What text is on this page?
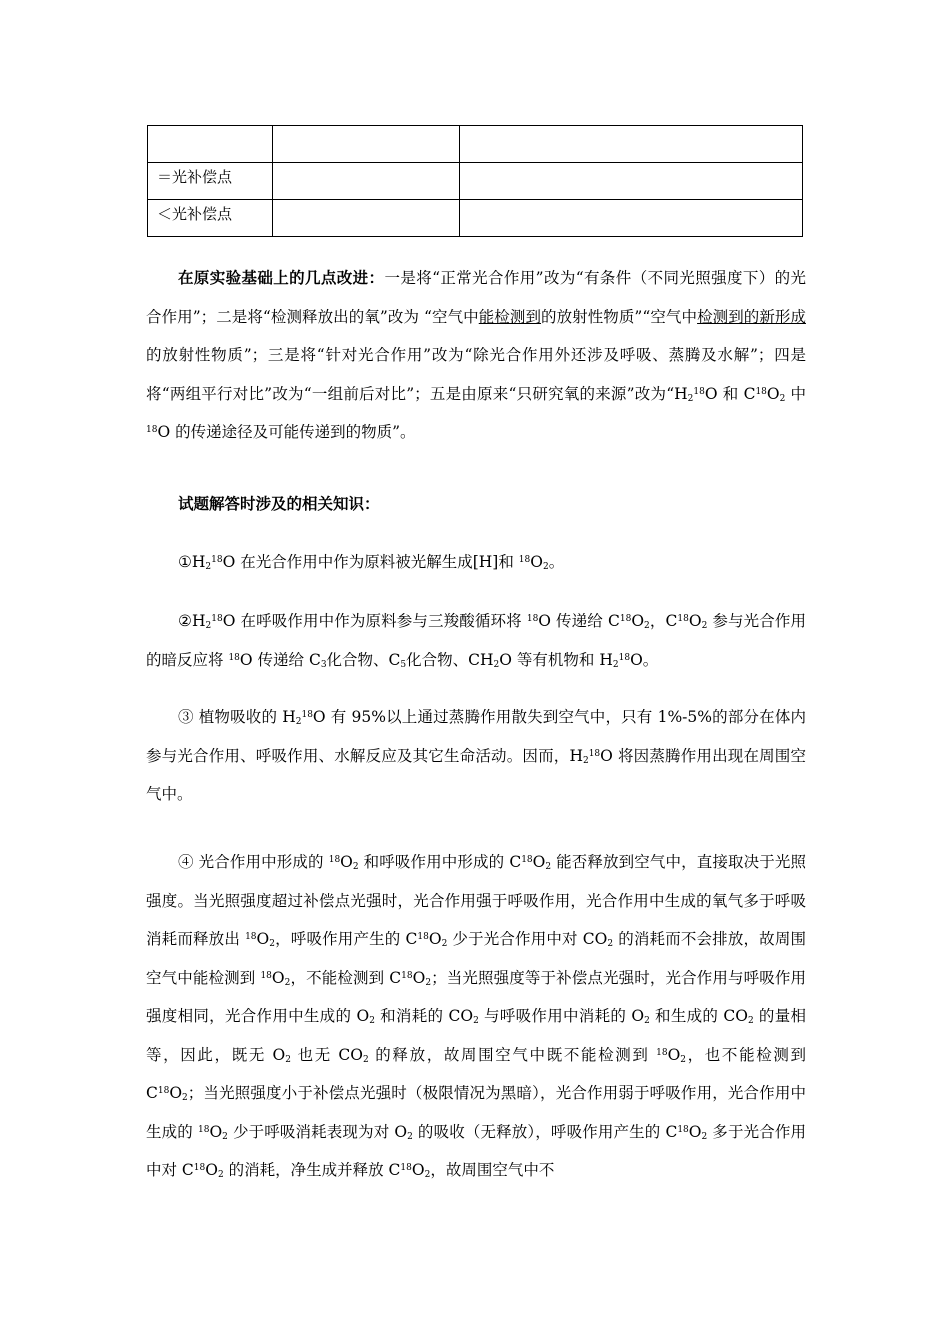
＝光补偿点		
＜光补偿点		

在原实验基础上的几点改进：一是将“正常光合作用”改为“有条件（不同光照强度下）的光合作用”；二是将“检测释放出的氧”改为 “空气中能检测到的放射性物质”“空气中检测到的新形成的放射性物质”；三是将“针对光合作用”改为“除光合作用外还涉及呼吸、蒸腾及水解”；四是将“两组平行对比”改为“一组前后对比”；五是由原来“只研究氧的来源”改为“$H_2^{18}O$ 和 $C^{18}O_2$ 中 $^{18}$O 的传递途径及可能传递到的物质”。

试题解答时涉及的相关知识：

$①H_2^{18}O$ 在光合作用中作为原料被光解生成[H]和 $^{18}O_2$。

$②H_2^{18}O$ 在呼吸作用中作为原料参与三羧酸循环将 $^{18}$O 传递给 $C^{18}O_2$，$C^{18}O_2$ 参与光合作用的暗反应将 $^{18}$O 传递给 $C_3$化合物、$C_5$化合物、$CH_2O$ 等有机物和 $H_2^{18}O$。

③ 植物吸收的 $H_2^{18}O$ 有 95%以上通过蒸腾作用散失到空气中，只有 1%-5%的部分在体内参与光合作用、呼吸作用、水解反应及其它生命活动。因而，$H_2^{18}O$ 将因蒸腾作用出现在周围空气中。

④ 光合作用中形成的 $^{18}O_2$ 和呼吸作用中形成的 $C^{18}O_2$ 能否释放到空气中，直接取决于光照强度。当光照强度超过补偿点光强时，光合作用强于呼吸作用，光合作用中生成的氧气多于呼吸消耗而释放出 $^{18}O_2$，呼吸作用产生的 $C^{18}O_2$ 少于光合作用中对 $CO_2$ 的消耗而不会排放，故周围空气中能检测到 $^{18}O_2$，不能检测到 $C^{18}O_2$；当光照强度等于补偿点光强时，光合作用与呼吸作用强度相同，光合作用中生成的 $O_2$ 和消耗的 $CO_2$ 与呼吸作用中消耗的 $O_2$ 和生成的 $CO_2$ 的量相等，因此，既无 $O_2$ 也无 $CO_2$ 的释放，故周围空气中既不能检测到 $^{18}O_2$，也不能检测到 $C^{18}O_2$；当光照强度小于补偿点光强时（极限情况为黑暗），光合作用弱于呼吸作用，光合作用中生成的 $^{18}O_2$ 少于呼吸消耗表现为对 $O_2$ 的吸收（无释放），呼吸作用产生的 $C^{18}O_2$ 多于光合作用中对 $C^{18}O_2$ 的消耗，净生成并释放 $C^{18}O_2$，故周围空气中不
